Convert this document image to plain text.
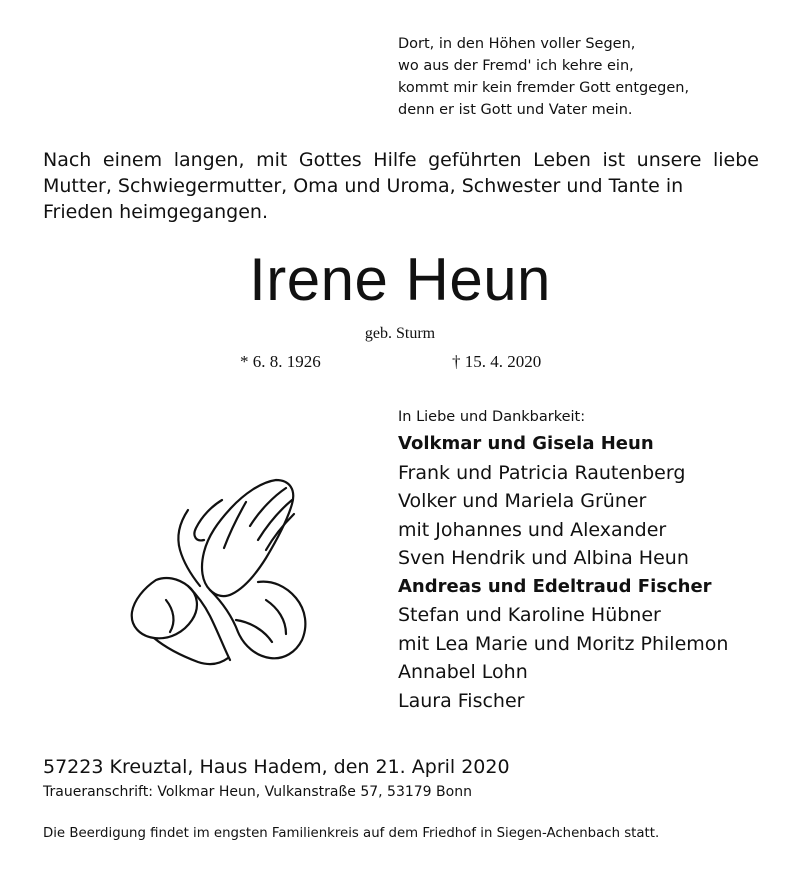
Dort, in den Höhen voller Segen,
wo aus der Fremd' ich kehre ein,
kommt mir kein fremder Gott entgegen,
denn er ist Gott und Vater mein.
Nach einem langen, mit Gottes Hilfe geführten Leben ist unsere liebe Mutter, Schwiegermutter, Oma und Uroma, Schwester und Tante in
Frieden heimgegangen.
Irene Heun
geb. Sturm
* 6. 8. 1926	† 15. 4. 2020
In Liebe und Dankbarkeit:
Volkmar und Gisela Heun
Frank und Patricia Rautenberg
Volker und Mariela Grüner
mit Johannes und Alexander
Sven Hendrik und Albina Heun
Andreas und Edeltraud Fischer
Stefan und Karoline Hübner
mit Lea Marie und Moritz Philemon
Annabel Lohn
Laura Fischer
57223 Kreuztal, Haus Hadem, den 21. April 2020
Traueranschrift: Volkmar Heun, Vulkanstraße 57, 53179 Bonn
Die Beerdigung findet im engsten Familienkreis auf dem Friedhof in Siegen-Achenbach statt.
